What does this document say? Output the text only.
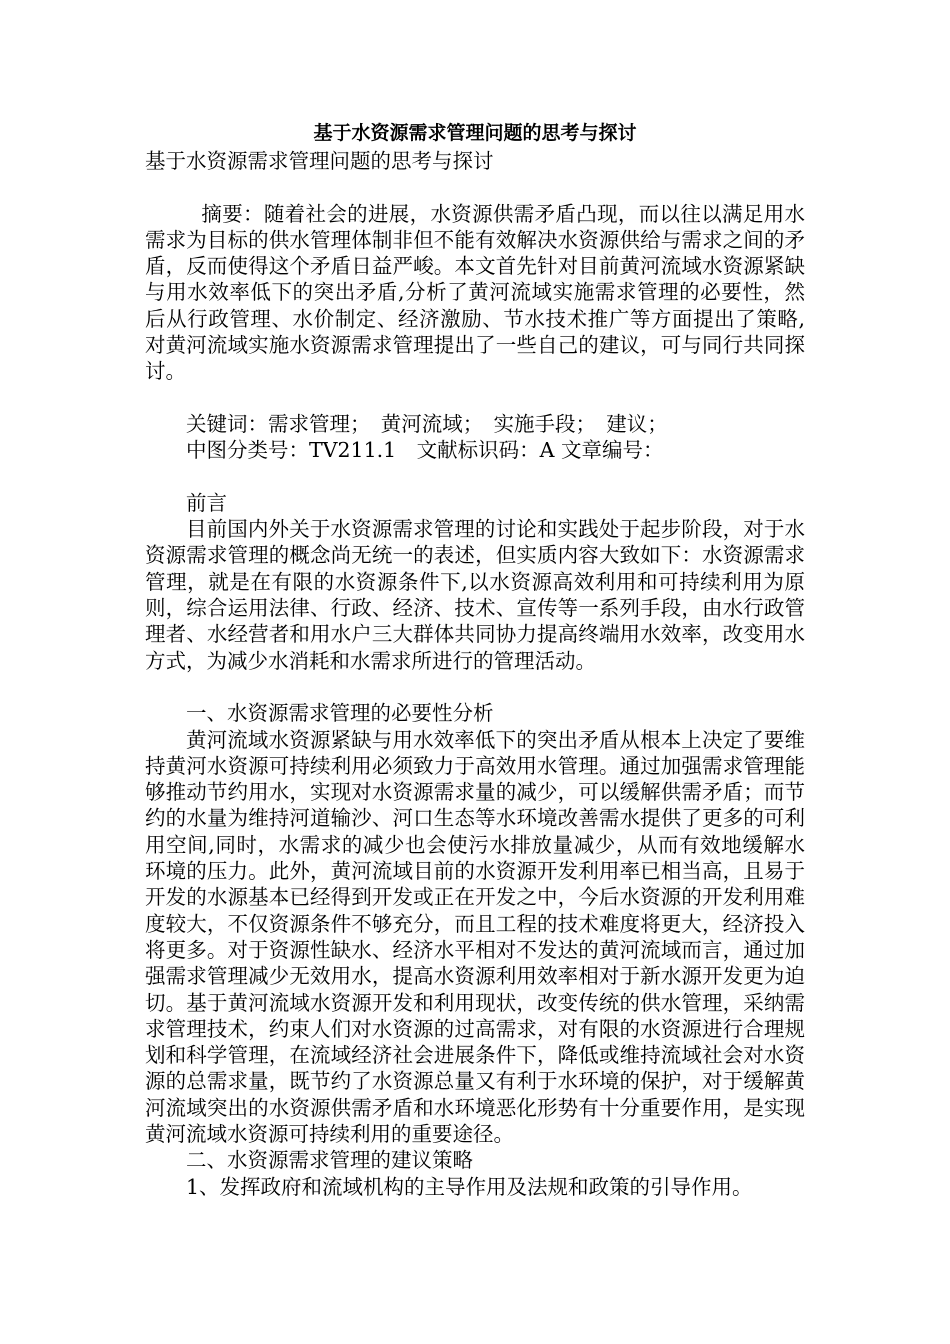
基于水资源需求管理问题的思考与探讨

基于水资源需求管理问题的思考与探讨

摘要：随着社会的进展，水资源供需矛盾凸现，而以往以满足用水需求为目标的供水管理体制非但不能有效解决水资源供给与需求之间的矛盾，反而使得这个矛盾日益严峻。本文首先针对目前黄河流域水资源紧缺与用水效率低下的突出矛盾,分析了黄河流域实施需求管理的必要性，然后从行政管理、水价制定、经济激励、节水技术推广等方面提出了策略,对黄河流域实施水资源需求管理提出了一些自己的建议，可与同行共同探讨。

关键词：需求管理；　黄河流域；　实施手段；　建议；

中图分类号：TV211.1　文献标识码：A 文章编号：

前言

目前国内外关于水资源需求管理的讨论和实践处于起步阶段，对于水资源需求管理的概念尚无统一的表述，但实质内容大致如下：水资源需求管理，就是在有限的水资源条件下,以水资源高效利用和可持续利用为原则，综合运用法律、行政、经济、技术、宣传等一系列手段，由水行政管理者、水经营者和用水户三大群体共同协力提高终端用水效率，改变用水方式，为减少水消耗和水需求所进行的管理活动。

一、水资源需求管理的必要性分析

黄河流域水资源紧缺与用水效率低下的突出矛盾从根本上决定了要维持黄河水资源可持续利用必须致力于高效用水管理。通过加强需求管理能够推动节约用水，实现对水资源需求量的减少，可以缓解供需矛盾；而节约的水量为维持河道输沙、河口生态等水环境改善需水提供了更多的可利用空间,同时，水需求的减少也会使污水排放量减少，从而有效地缓解水环境的压力。此外，黄河流域目前的水资源开发利用率已相当高，且易于开发的水源基本已经得到开发或正在开发之中，今后水资源的开发利用难度较大，不仅资源条件不够充分，而且工程的技术难度将更大，经济投入将更多。对于资源性缺水、经济水平相对不发达的黄河流域而言，通过加强需求管理减少无效用水，提高水资源利用效率相对于新水源开发更为迫切。基于黄河流域水资源开发和利用现状，改变传统的供水管理，采纳需求管理技术，约束人们对水资源的过高需求，对有限的水资源进行合理规划和科学管理，在流域经济社会进展条件下，降低或维持流域社会对水资源的总需求量，既节约了水资源总量又有利于水环境的保护，对于缓解黄河流域突出的水资源供需矛盾和水环境恶化形势有十分重要作用，是实现黄河流域水资源可持续利用的重要途径。

二、水资源需求管理的建议策略

1、发挥政府和流域机构的主导作用及法规和政策的引导作用。
